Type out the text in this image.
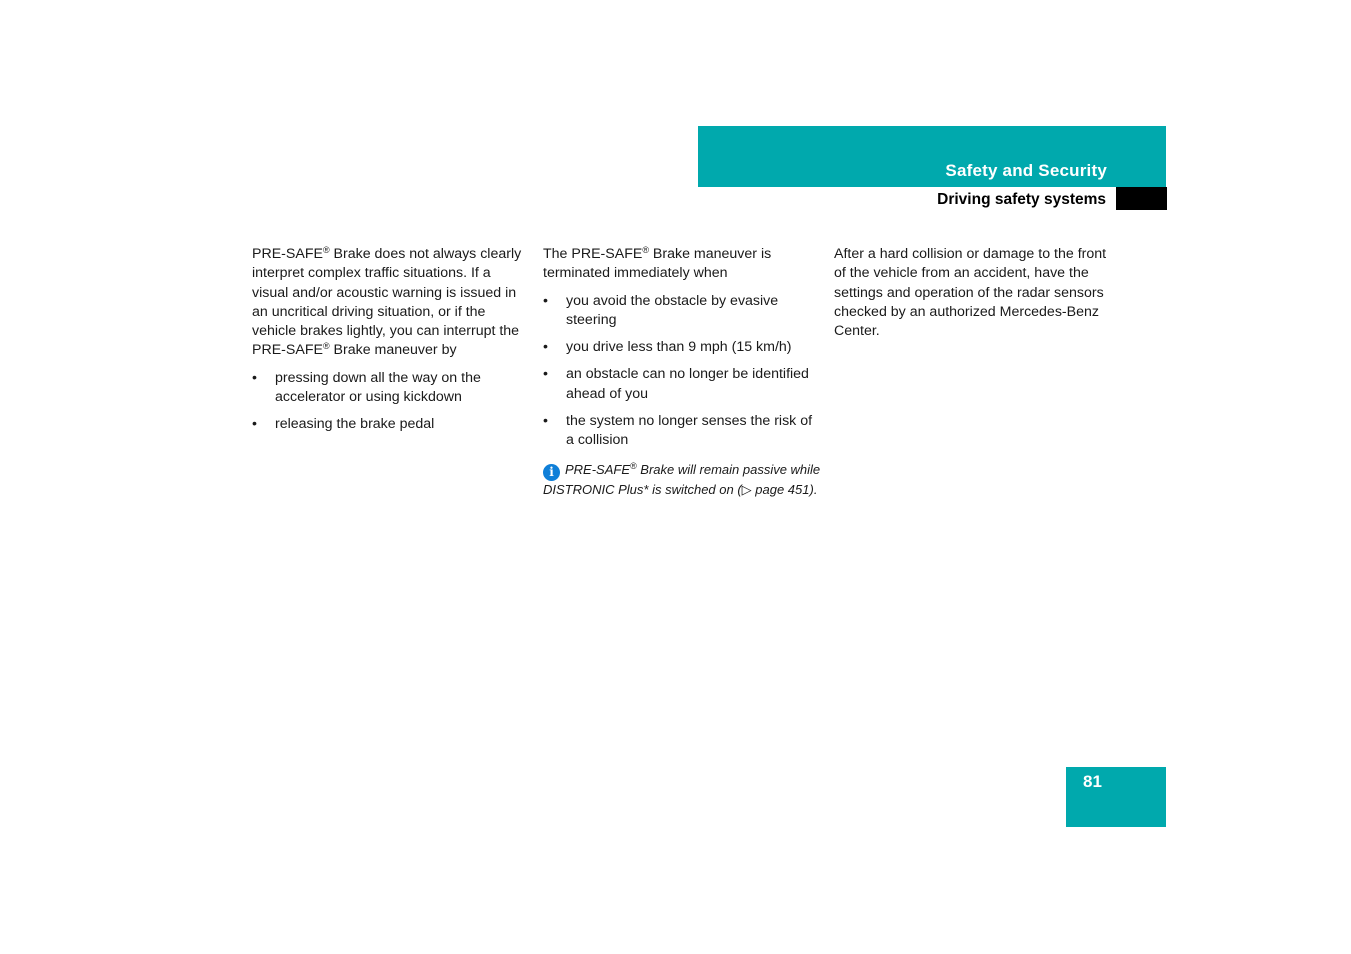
Safety and Security
Driving safety systems

PRE-SAFE® Brake does not always clearly interpret complex traffic situations. If a visual and/or acoustic warning is issued in an uncritical driving situation, or if the vehicle brakes lightly, you can interrupt the PRE-SAFE® Brake maneuver by

• pressing down all the way on the accelerator or using kickdown
• releasing the brake pedal

The PRE-SAFE® Brake maneuver is terminated immediately when

• you avoid the obstacle by evasive steering
• you drive less than 9 mph (15 km/h)
• an obstacle can no longer be identified ahead of you
• the system no longer senses the risk of a collision
i PRE-SAFE® Brake will remain passive while DISTRONIC Plus* is switched on (▷ page 451).

After a hard collision or damage to the front of the vehicle from an accident, have the settings and operation of the radar sensors checked by an authorized Mercedes-Benz Center.

81
